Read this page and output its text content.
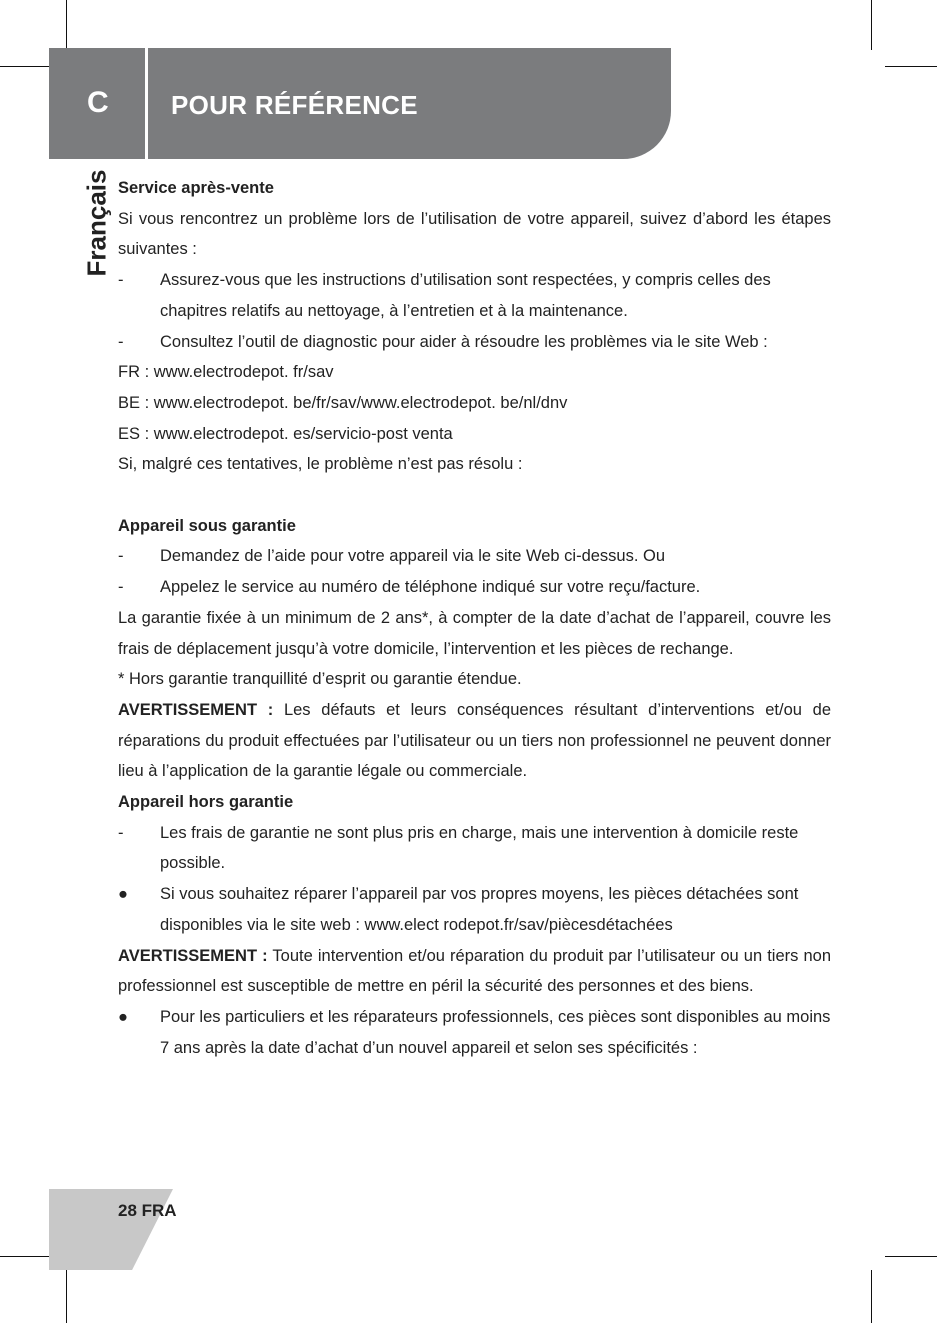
C POUR RÉFÉRENCE
Français Service après-vente

Si vous rencontrez un problème lors de l’utilisation de votre appareil, suivez d’abord les étapes suivantes :

- Assurez-vous que les instructions d’utilisation sont respectées, y compris celles des chapitres relatifs au nettoyage, à l’entretien et à la maintenance.
- Consultez l’outil de diagnostic pour aider à résoudre les problèmes via le site Web :

FR : www.electrodepot. fr/sav

BE : www.electrodepot. be/fr/sav/www.electrodepot. be/nl/dnv

ES : www.electrodepot. es/servicio-post venta

Si, malgré ces tentatives, le problème n’est pas résolu :

Appareil sous garantie

- Demandez de l’aide pour votre appareil via le site Web ci-dessus. Ou
- Appelez le service au numéro de téléphone indiqué sur votre reçu/facture.

La garantie fixée à un minimum de 2 ans*, à compter de la date d’achat de l’appareil, couvre les frais de déplacement jusqu’à votre domicile, l’intervention et les pièces de rechange.

* Hors garantie tranquillité d’esprit ou garantie étendue.

AVERTISSEMENT : Les défauts et leurs conséquences résultant d’interventions et/ou de réparations du produit effectuées par l’utilisateur ou un tiers non professionnel ne peuvent donner lieu à l’application de la garantie légale ou commerciale.

Appareil hors garantie

- Les frais de garantie ne sont plus pris en charge, mais une intervention à domicile reste possible.
● Si vous souhaitez réparer l’appareil par vos propres moyens, les pièces détachées sont disponibles via le site web : www.elect rodepot.fr/sav/piècesdétachées

AVERTISSEMENT : Toute intervention et/ou réparation du produit par l’utilisateur ou un tiers non professionnel est susceptible de mettre en péril la sécurité des personnes et des biens.

● Pour les particuliers et les réparateurs professionnels, ces pièces sont disponibles au moins 7 ans après la date d’achat d’un nouvel appareil et selon ses spécificités :
28 FRA
